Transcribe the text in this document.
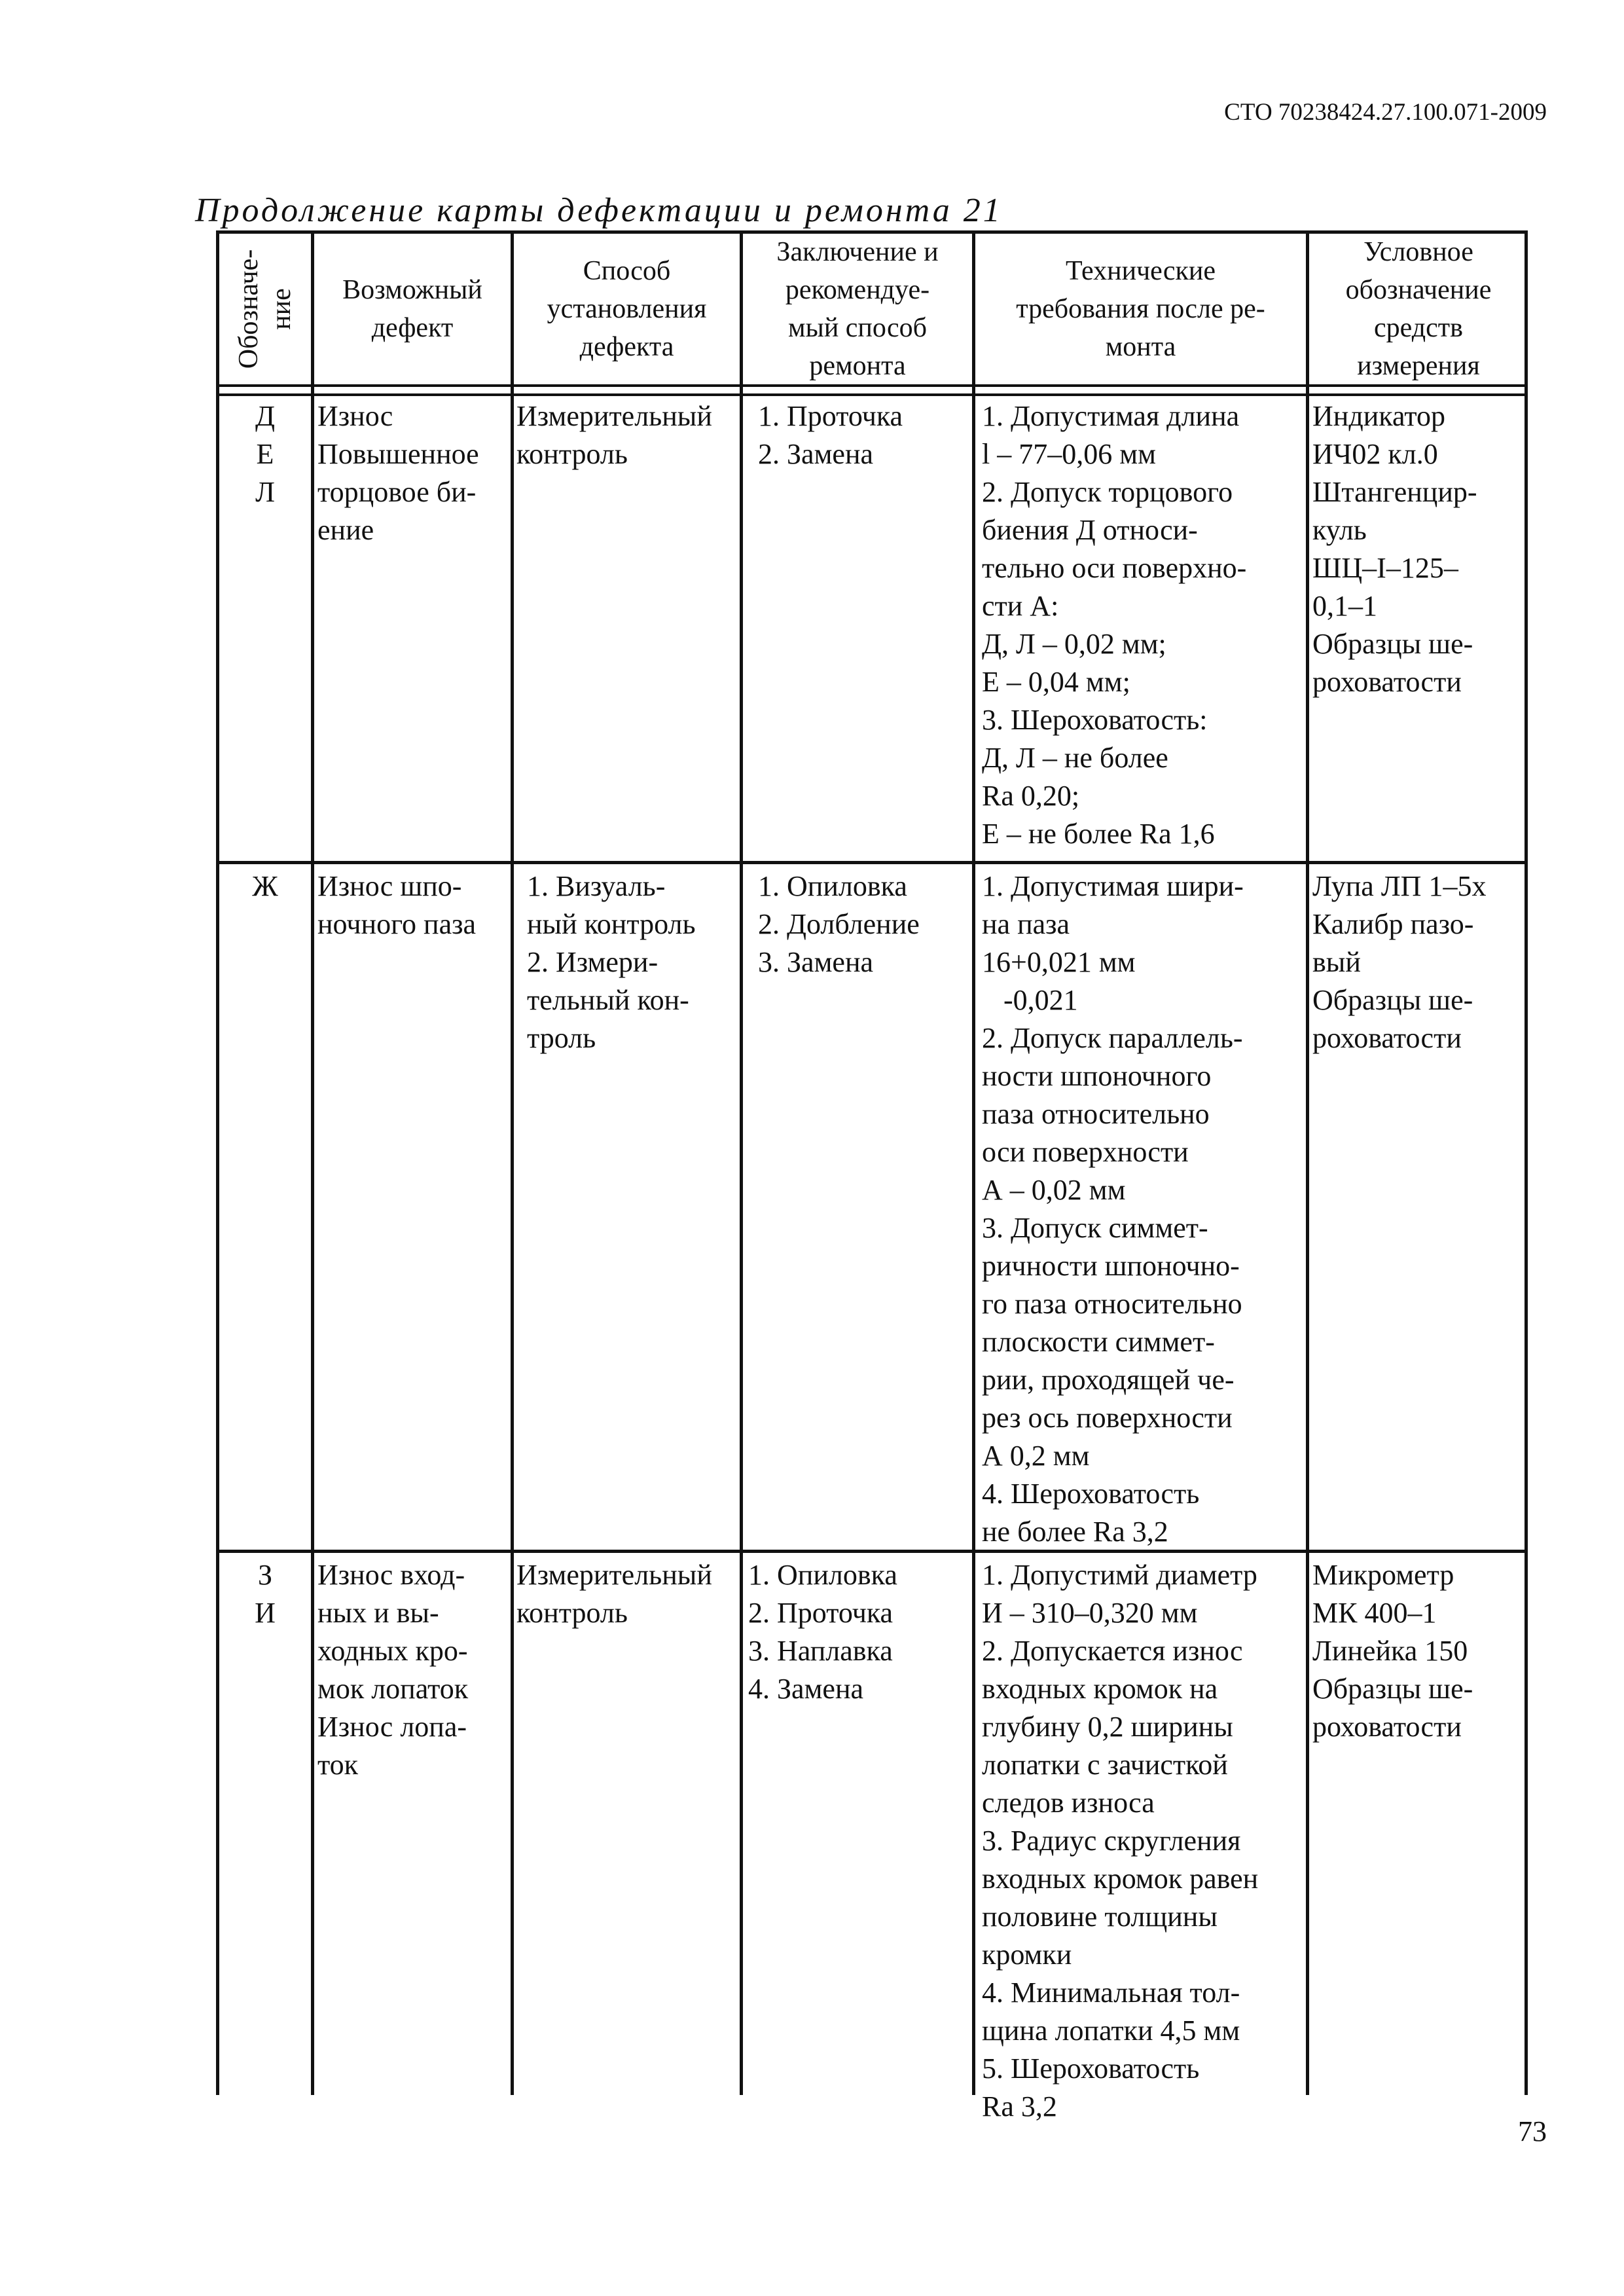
СТО 70238424.27.100.071-2009
Продолжение карты дефектации и ремонта 21
Обозначе-
ние	Возможный
дефект
Способ
установления
дефекта
Заключение и
рекомендуе-
мый способ
ремонта
Технические
требования после ре-
монта
Условное
обозначение
средств
измерения
Д
Е
Л
Износ
Повышенное
торцовое би-
ение
Измерительный
контроль
1. Проточка
2. Замена
1. Допустимая длина
l – 77–0,06 мм
2. Допуск торцового
биения Д относи-
тельно оси поверхно-
сти А:
Д, Л – 0,02 мм;
Е – 0,04 мм;
3. Шероховатость:
Д, Л – не более
Ra 0,20;
Е – не более Ra 1,6
Индикатор
ИЧ02 кл.0
Штангенцир-
куль
ШЦ–I–125–
0,1–1
Образцы ше-
роховатости
Ж	Износ шпо-
ночного паза
1. Визуаль-
ный контроль
2. Измери-
тельный кон-
троль
1. Опиловка
2. Долбление
3. Замена
1. Допустимая шири-
на паза
16+0,021 мм
-0,021
2. Допуск параллель-
ности шпоночного
паза относительно
оси поверхности
А – 0,02 мм
3. Допуск симмет-
ричности шпоночно-
го паза относительно
плоскости симмет-
рии, проходящей че-
рез ось поверхности
А 0,2 мм
4. Шероховатость
не более Ra 3,2
Лупа ЛП 1–5х
Калибр пазо-
вый
Образцы ше-
роховатости
З
И
Износ вход-
ных и вы-
ходных кро-
мок лопаток
Износ лопа-
ток
Измерительный
контроль
1. Опиловка
2. Проточка
3. Наплавка
4. Замена
1. Допустимй диаметр
И – 310–0,320 мм
2. Допускается износ
входных кромок на
глубину 0,2 ширины
лопатки с зачисткой
следов износа
3. Радиус скругления
входных кромок равен
половине толщины
кромки
4. Минимальная тол-
щина лопатки 4,5 мм
5. Шероховатость
Ra 3,2
Микрометр
МК 400–1
Линейка 150
Образцы ше-
роховатости
73
